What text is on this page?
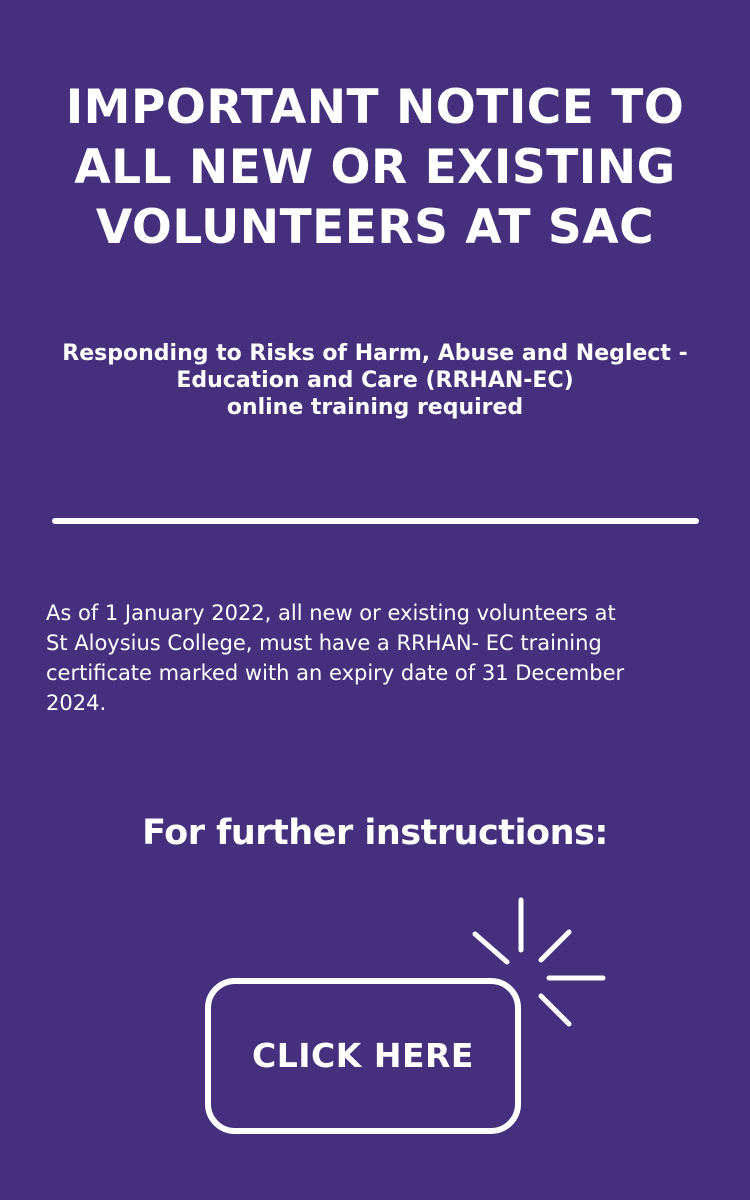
IMPORTANT NOTICE TO
ALL NEW OR EXISTING
VOLUNTEERS AT SAC
Responding to Risks of Harm, Abuse and Neglect -
Education and Care (RRHAN-EC)
online training required
As of 1 January 2022, all new or existing volunteers at
St Aloysius College, must have a RRHAN- EC training
certificate marked with an expiry date of 31 December
2024.
For further instructions:
CLICK HERE
